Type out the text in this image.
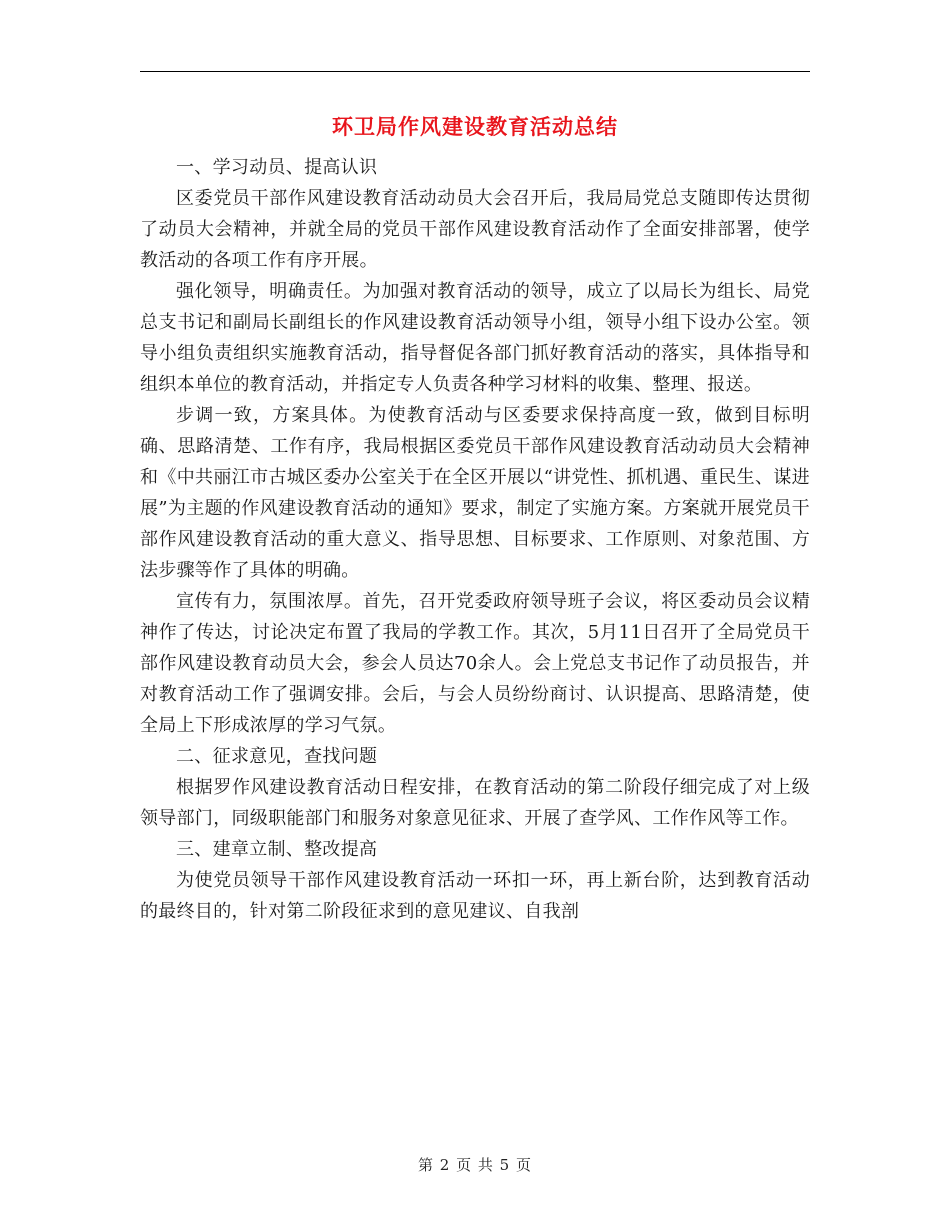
环卫局作风建设教育活动总结

一、学习动员、提高认识

区委党员干部作风建设教育活动动员大会召开后，我局局党总支随即传达贯彻了动员大会精神，并就全局的党员干部作风建设教育活动作了全面安排部署，使学教活动的各项工作有序开展。

强化领导，明确责任。为加强对教育活动的领导，成立了以局长为组长、局党总支书记和副局长副组长的作风建设教育活动领导小组，领导小组下设办公室。领导小组负责组织实施教育活动，指导督促各部门抓好教育活动的落实，具体指导和组织本单位的教育活动，并指定专人负责各种学习材料的收集、整理、报送。

步调一致，方案具体。为使教育活动与区委要求保持高度一致，做到目标明确、思路清楚、工作有序，我局根据区委党员干部作风建设教育活动动员大会精神和《中共丽江市古城区委办公室关于在全区开展以“讲党性、抓机遇、重民生、谋进展”为主题的作风建设教育活动的通知》要求，制定了实施方案。方案就开展党员干部作风建设教育活动的重大意义、指导思想、目标要求、工作原则、对象范围、方法步骤等作了具体的明确。

宣传有力，氛围浓厚。首先，召开党委政府领导班子会议，将区委动员会议精神作了传达，讨论决定布置了我局的学教工作。其次，5月11日召开了全局党员干部作风建设教育动员大会，参会人员达70余人。会上党总支书记作了动员报告，并对教育活动工作了强调安排。会后，与会人员纷纷商讨、认识提高、思路清楚，使全局上下形成浓厚的学习气氛。

二、征求意见，查找问题

根据罗作风建设教育活动日程安排，在教育活动的第二阶段仔细完成了对上级领导部门，同级职能部门和服务对象意见征求、开展了查学风、工作作风等工作。

三、建章立制、整改提高

为使党员领导干部作风建设教育活动一环扣一环，再上新台阶，达到教育活动的最终目的，针对第二阶段征求到的意见建议、自我剖

第 2 页 共 5 页
